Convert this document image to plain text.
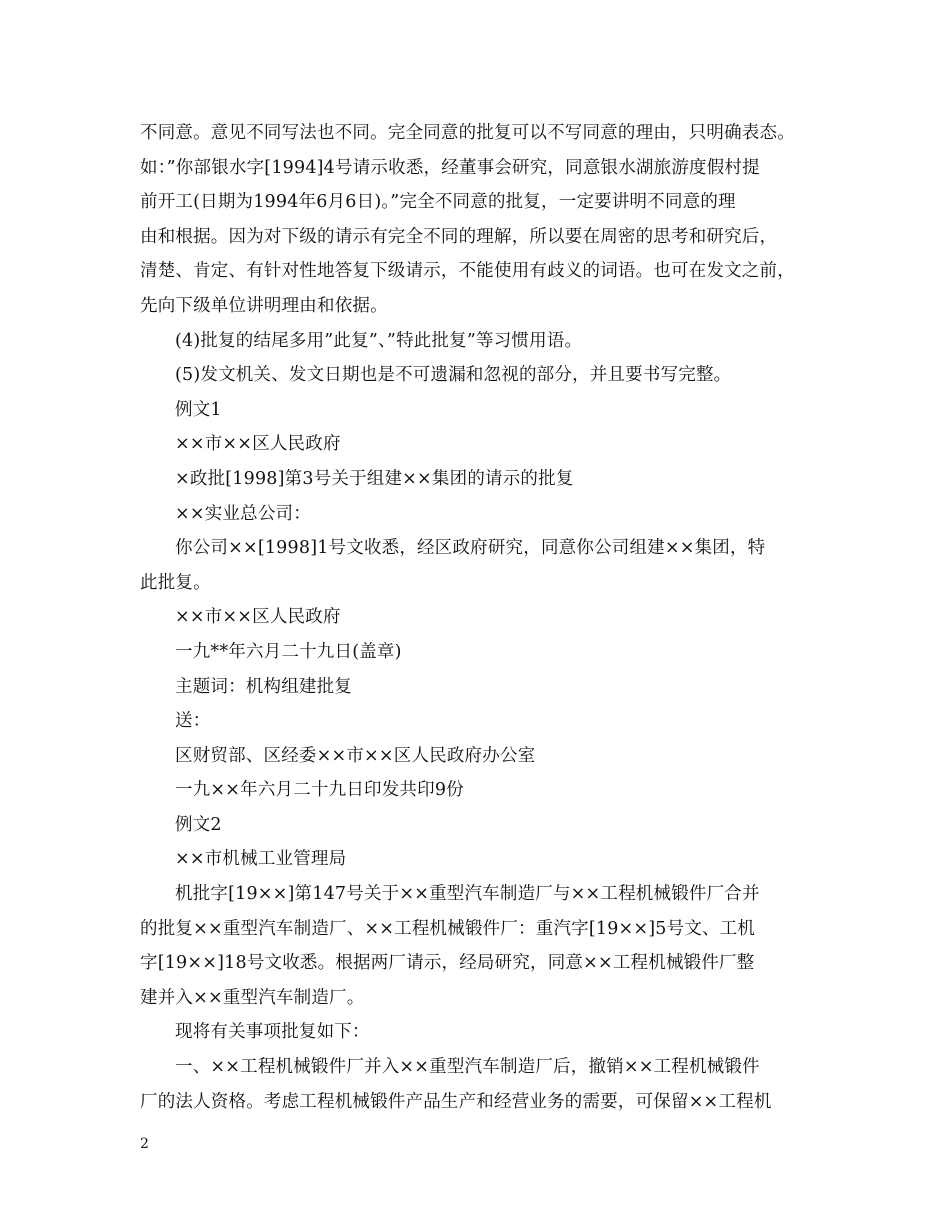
不同意。意见不同写法也不同。完全同意的批复可以不写同意的理由，只明确表态。
如：”你部银水字[1994]4号请示收悉，经董事会研究，同意银水湖旅游度假村提
前开工(日期为1994年6月6日)。”完全不同意的批复，一定要讲明不同意的理
由和根据。因为对下级的请示有完全不同的理解，所以要在周密的思考和研究后，
清楚、肯定、有针对性地答复下级请示，不能使用有歧义的词语。也可在发文之前，
先向下级单位讲明理由和依据。
(4)批复的结尾多用”此复”、”特此批复”等习惯用语。
(5)发文机关、发文日期也是不可遗漏和忽视的部分，并且要书写完整。
例文1
××市××区人民政府
×政批[1998]第3号关于组建××集团的请示的批复
××实业总公司：
你公司××[1998]1号文收悉，经区政府研究，同意你公司组建××集团，特
此批复。
××市××区人民政府
一九**年六月二十九日(盖章)
主题词：机构组建批复
送：
区财贸部、区经委××市××区人民政府办公室
一九××年六月二十九日印发共印9份
例文2
××市机械工业管理局
机批字[19××]第147号关于××重型汽车制造厂与××工程机械锻件厂合并
的批复××重型汽车制造厂、××工程机械锻件厂：重汽字[19××]5号文、工机
字[19××]18号文收悉。根据两厂请示，经局研究，同意××工程机械锻件厂整
建并入××重型汽车制造厂。
现将有关事项批复如下：
一、××工程机械锻件厂并入××重型汽车制造厂后，撤销××工程机械锻件
厂的法人资格。考虑工程机械锻件产品生产和经营业务的需要，可保留××工程机
2
